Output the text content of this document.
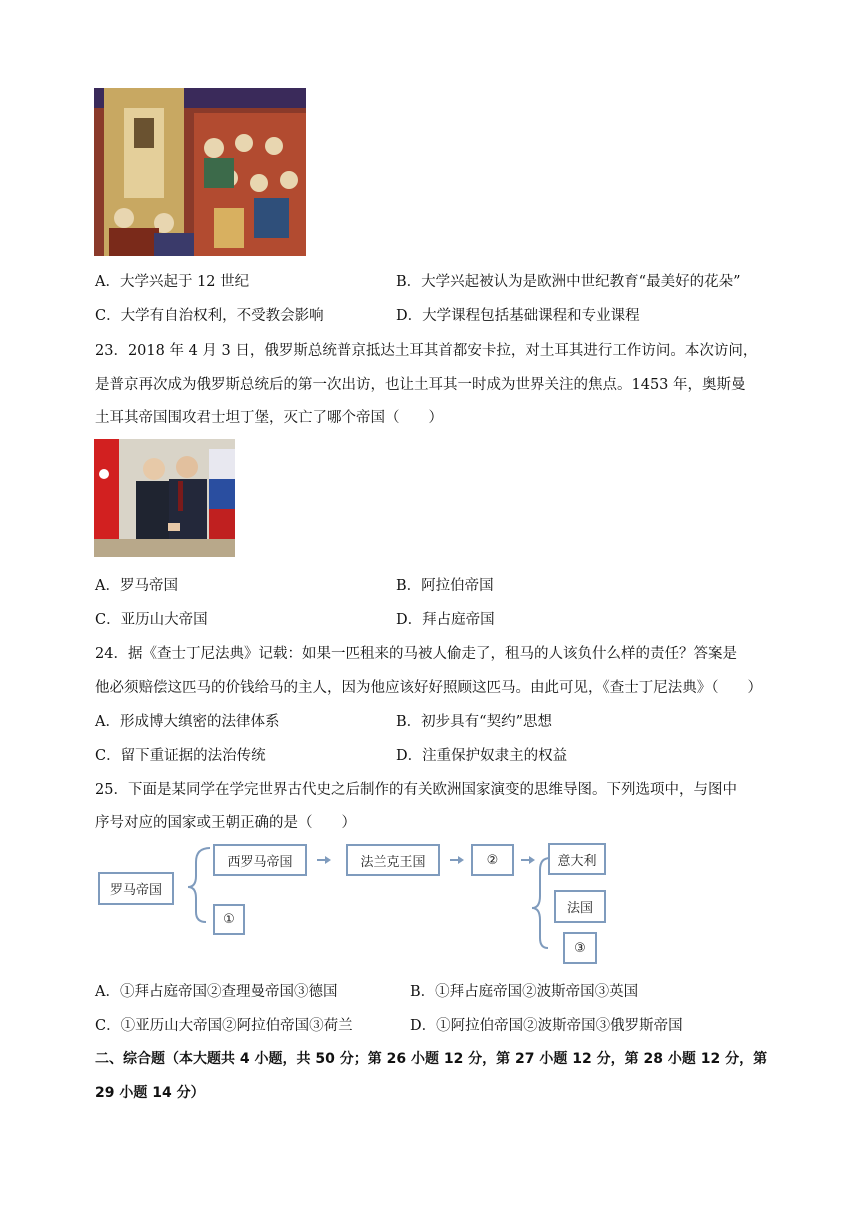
A．大学兴起于 12 世纪	B．大学兴起被认为是欧洲中世纪教育“最美好的花朵”
C．大学有自治权利，不受教会影响	D．大学课程包括基础课程和专业课程
23．2018 年 4 月 3 日，俄罗斯总统普京抵达土耳其首都安卡拉，对土耳其进行工作访问。本次访问，
是普京再次成为俄罗斯总统后的第一次出访，也让土耳其一时成为世界关注的焦点。1453 年，奥斯曼
土耳其帝国围攻君士坦丁堡，灭亡了哪个帝国（　　）
A．罗马帝国	B．阿拉伯帝国
C．亚历山大帝国	D．拜占庭帝国
24．据《查士丁尼法典》记载：如果一匹租来的马被人偷走了，租马的人该负什么样的责任？答案是
他必须赔偿这匹马的价钱给马的主人，因为他应该好好照顾这匹马。由此可见，《查士丁尼法典》（　　）
A．形成博大缜密的法律体系	B．初步具有“契约”思想
C．留下重证据的法治传统	D．注重保护奴隶主的权益
25．下面是某同学在学完世界古代史之后制作的有关欧洲国家演变的思维导图。下列选项中，与图中
序号对应的国家或王朝正确的是（　　）
罗马帝国
西罗马帝国
①
法兰克王国	②	意大利
法国
③
A．①拜占庭帝国②查理曼帝国③德国	B．①拜占庭帝国②波斯帝国③英国
C．①亚历山大帝国②阿拉伯帝国③荷兰	D．①阿拉伯帝国②波斯帝国③俄罗斯帝国
二、综合题（本大题共 4 小题，共 50 分；第 26 小题 12 分，第 27 小题 12 分，第 28 小题 12 分，第
29 小题 14 分）
